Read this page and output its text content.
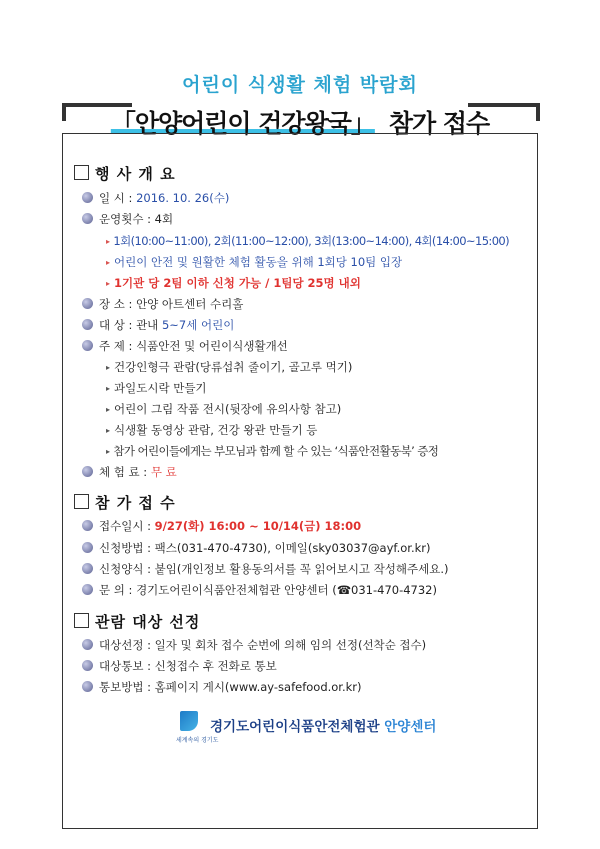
어린이 식생활 체험 박람회
「안양어린이 건강왕국」 참가 접수
행 사 개 요
일 시 : 2016. 10. 26(수)
운영횟수 : 4회
▸ 1회(10:00~11:00), 2회(11:00~12:00), 3회(13:00~14:00), 4회(14:00~15:00)
▸ 어린이 안전 및 원활한 체험 활동을 위해 1회당 10팀 입장
▸ 1기관 당 2팀 이하 신청 가능 / 1팀당 25명 내외
장 소 : 안양 아트센터 수리홀
대 상 : 관내 5~7세 어린이
주 제 : 식품안전 및 어린이식생활개선
▸ 건강인형극 관람(당류섭취 줄이기, 골고루 먹기)
▸ 과일도시락 만들기
▸ 어린이 그림 작품 전시(뒷장에 유의사항 참고)
▸ 식생활 동영상 관람, 건강 왕관 만들기 등
▸ 참가 어린이들에게는 부모님과 함께 할 수 있는 ‘식품안전활동북’ 증정
체 험 료 : 무 료
참 가 접 수
접수일시 : 9/27(화) 16:00 ~ 10/14(금) 18:00
신청방법 : 팩스(031-470-4730), 이메일(sky03037@ayf.or.kr)
신청양식 : 붙임(개인정보 활용동의서를 꼭 읽어보시고 작성해주세요.)
문 의 : 경기도어린이식품안전체험관 안양센터 (☎031-470-4732)
관람 대상 선정
대상선정 : 일자 및 회차 접수 순번에 의해 임의 선정(선착순 접수)
대상통보 : 신청접수 후 전화로 통보
통보방법 : 홈페이지 게시(www.ay-safefood.or.kr)
세계속의 경기도
경기도어린이식품안전체험관 안양센터
